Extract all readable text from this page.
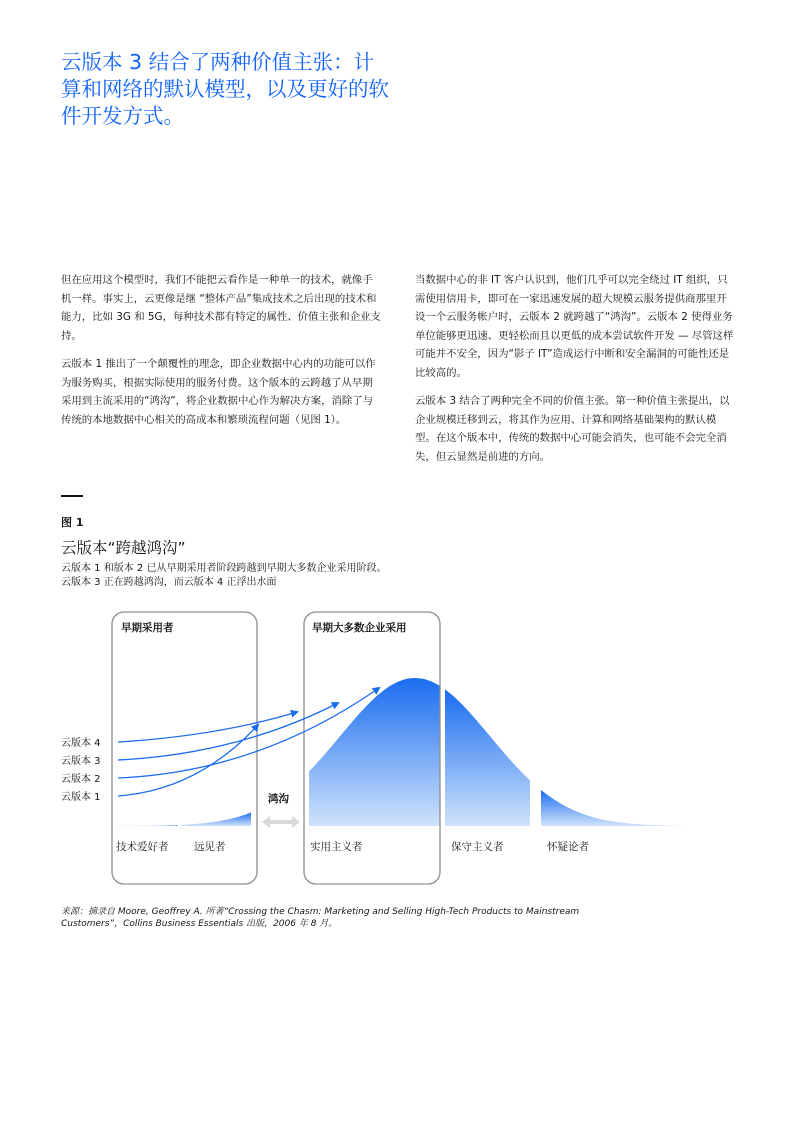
云版本 3 结合了两种价值主张：计算和网络的默认模型，以及更好的软件开发方式。

但在应用这个模型时，我们不能把云看作是一种单一的技术，就像手机一样。事实上，云更像是继 “整体产品”集成技术之后出现的技术和能力，比如 3G 和 5G，每种技术都有特定的属性、价值主张和企业支持。

云版本 1 推出了一个颠覆性的理念，即企业数据中心内的功能可以作为服务购买，根据实际使用的服务付费。这个版本的云跨越了从早期采用到主流采用的“鸿沟”，将企业数据中心作为解决方案，消除了与传统的本地数据中心相关的高成本和繁琐流程问题（见图 1）。

当数据中心的非 IT 客户认识到，他们几乎可以完全绕过 IT 组织，只需使用信用卡，即可在一家迅速发展的超大规模云服务提供商那里开设一个云服务帐户时，云版本 2 就跨越了“鸿沟”。云版本 2 使得业务单位能够更迅速、更轻松而且以更低的成本尝试软件开发 — 尽管这样可能并不安全，因为“影子 IT”造成运行中断和安全漏洞的可能性还是比较高的。

云版本 3 结合了两种完全不同的价值主张。第一种价值主张提出，以企业规模迁移到云，将其作为应用、计算和网络基础架构的默认模型。在这个版本中，传统的数据中心可能会消失，也可能不会完全消失，但云显然是前进的方向。

图 1
云版本“跨越鸿沟”
云版本 1 和版本 2 已从早期采用者阶段跨越到早期大多数企业采用阶段。
云版本 3 正在跨越鸿沟，而云版本 4 正浮出水面
早期采用者	早期大多数企业采用
鸿沟
技术爱好者 远见者	实用主义者	保守主义者	怀疑论者
云版本 4
云版本 3
云版本 2
云版本 1
来源：摘录自 Moore, Geoffrey A. 所著“Crossing the Chasm: Marketing and Selling High-Tech Products to Mainstream Customers”，Collins Business Essentials 出版，2006 年 8 月。
